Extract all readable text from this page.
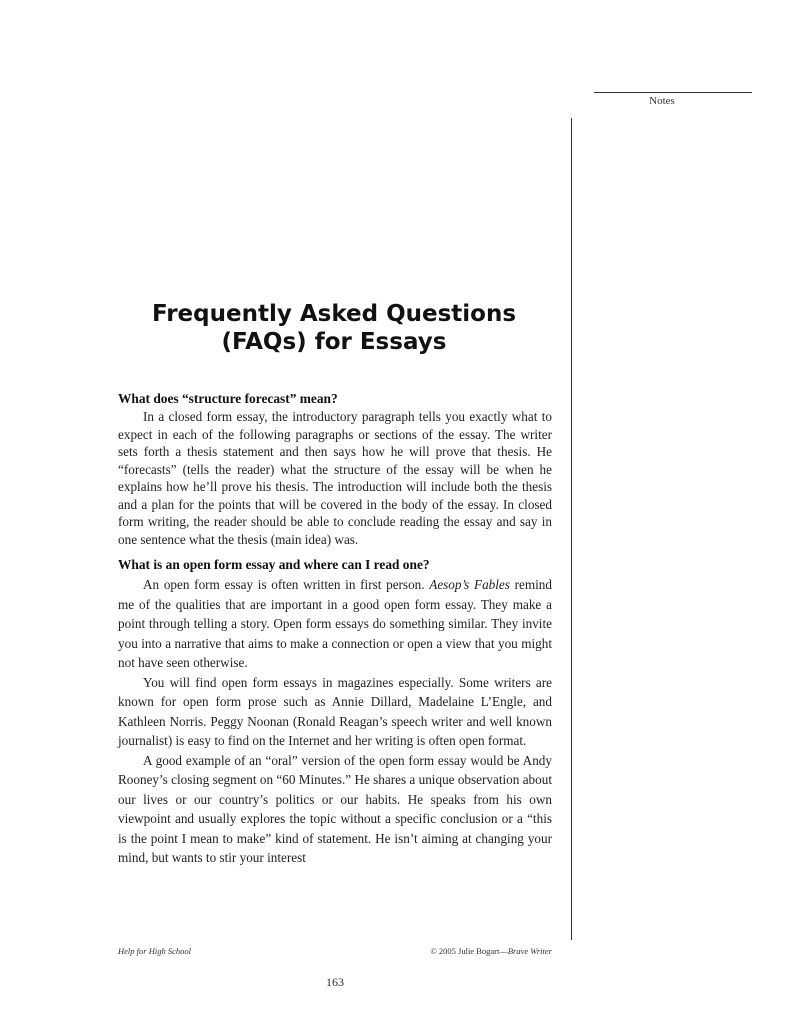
Notes
Frequently Asked Questions
(FAQs) for Essays

What does “structure forecast” mean?

In a closed form essay, the introductory paragraph tells you exactly what to expect in each of the following paragraphs or sections of the essay. The writer sets forth a thesis statement and then says how he will prove that thesis. He “forecasts” (tells the reader) what the structure of the essay will be when he explains how he’ll prove his thesis. The introduction will include both the thesis and a plan for the points that will be covered in the body of the essay. In closed form writing, the reader should be able to conclude reading the essay and say in one sentence what the thesis (main idea) was.

What is an open form essay and where can I read one?

An open form essay is often written in first person. Aesop’s Fables remind me of the qualities that are important in a good open form essay. They make a point through telling a story. Open form essays do something similar. They invite you into a narrative that aims to make a connection or open a view that you might not have seen otherwise.

You will find open form essays in magazines especially. Some writers are known for open form prose such as Annie Dillard, Madelaine L’Engle, and Kathleen Norris. Peggy Noonan (Ronald Reagan’s speech writer and well known journalist) is easy to find on the Internet and her writing is often open format.

A good example of an “oral” version of the open form essay would be Andy Rooney’s closing segment on “60 Minutes.” He shares a unique observation about our lives or our country’s politics or our habits. He speaks from his own viewpoint and usually explores the topic without a specific conclusion or a “this is the point I mean to make” kind of statement. He isn’t aiming at changing your mind, but wants to stir your interest

Help for High School	© 2005 Julie Bogart—Brave Writer
163
